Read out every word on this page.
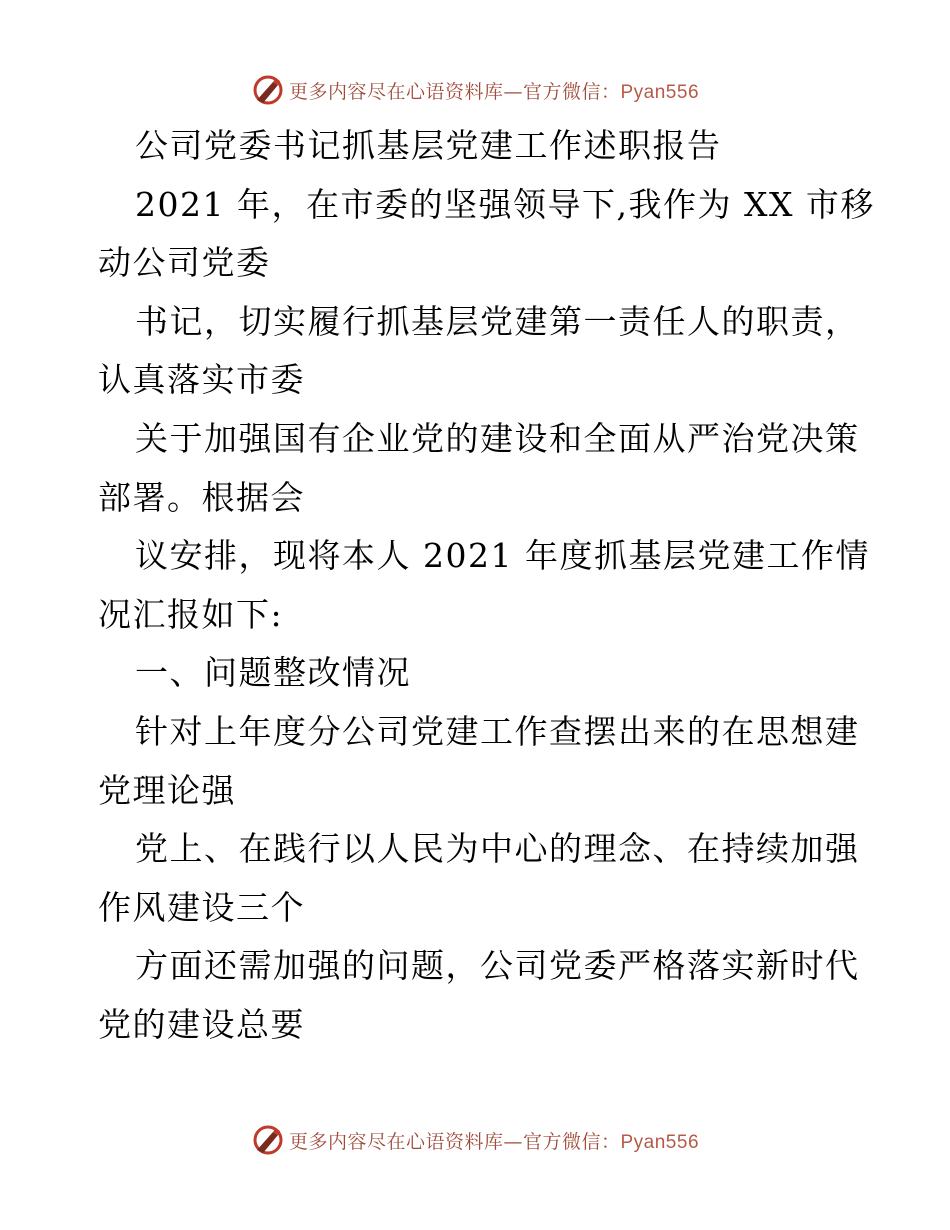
更多内容尽在心语资料库—官方微信：Pyan556
公司党委书记抓基层党建工作述职报告
2021 年，在市委的坚强领导下,我作为 XX 市移
动公司党委
书记，切实履行抓基层党建第一责任人的职责，
认真落实市委
关于加强国有企业党的建设和全面从严治党决策
部署。根据会
议安排，现将本人 2021 年度抓基层党建工作情
况汇报如下:
一、问题整改情况
针对上年度分公司党建工作查摆出来的在思想建
党理论强
党上、在践行以人民为中心的理念、在持续加强
作风建设三个
方面还需加强的问题，公司党委严格落实新时代
党的建设总要
更多内容尽在心语资料库—官方微信：Pyan556
